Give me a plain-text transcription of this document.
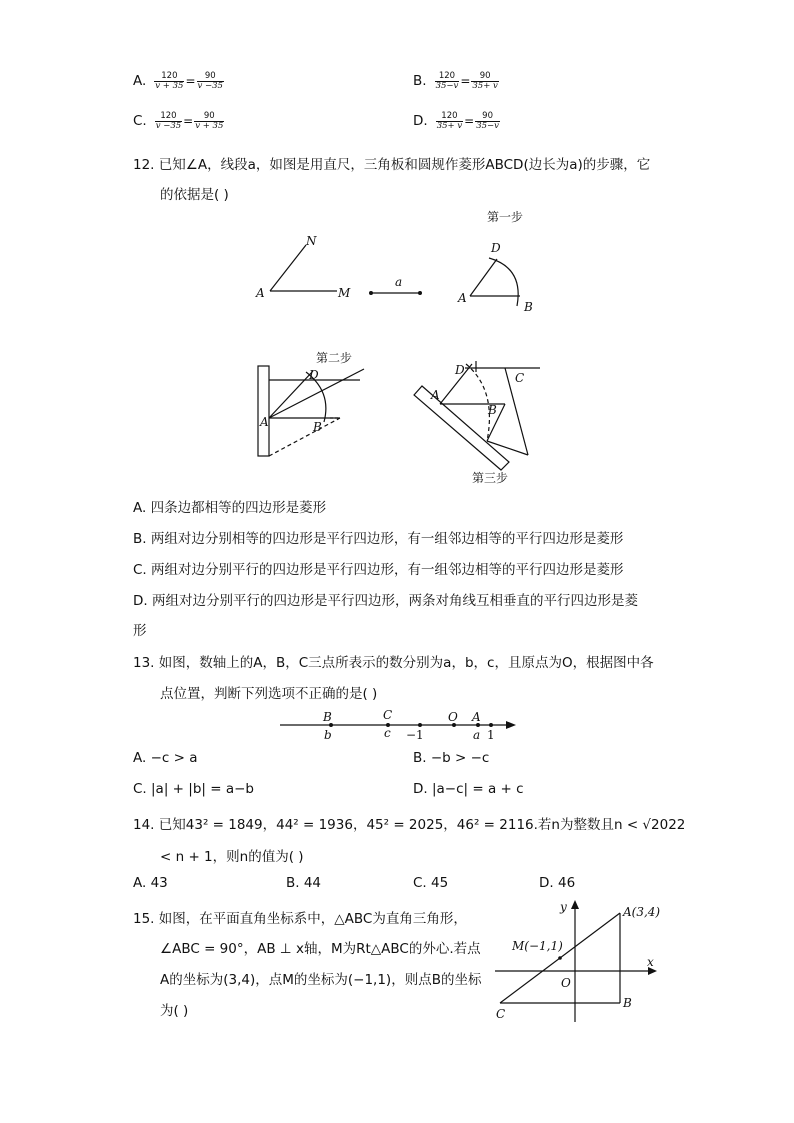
A. $\frac{120}{v + 35} = \frac{90}{v -35}$	B. $\frac{120}{35-v} = \frac{90}{35+ v}$
C. $\frac{120}{v -35} = \frac{90}{v + 35}$	D. $\frac{120}{35+ v} = \frac{90}{35-v}$
12. 已知∠A，线段a，如图是用直尺，三角板和圆规作菱形ABCD(边长为a)的步骤，它
的依据是( )
N
A	M
a
D
A
B
D
A	B
D
C
A
B
第一步
第二步
第三步
A. 四条边都相等的四边形是菱形
B. 两组对边分别相等的四边形是平行四边形，有一组邻边相等的平行四边形是菱形
C. 两组对边分别平行的四边形是平行四边形，有一组邻边相等的平行四边形是菱形
D. 两组对边分别平行的四边形是平行四边形，两条对角线互相垂直的平行四边形是菱
形
13. 如图，数轴上的A，B，C三点所表示的数分别为a，b，c，且原点为O，根据图中各
点位置，判断下列选项不正确的是( )
B
b
C
c
O A
a
−1	1
A. −c > a	B. −b > −c
C. |a| + |b| = a−b	D. |a−c| = a + c
14. 已知43² = 1849，44² = 1936，45² = 2025，46² = 2116.若n为整数且n < √2022
< n + 1，则n的值为( )
A. 43	B. 44	C. 45	D. 46
15. 如图，在平面直角坐标系中，△ABC为直角三角形，
∠ABC = 90°，AB ⊥ x轴，M为Rt△ABC的外心.若点
A的坐标为(3,4)，点M的坐标为(−1,1)，则点B的坐标
为( )
y
x
A(3,4)
M(−1,1)
O
B
C
